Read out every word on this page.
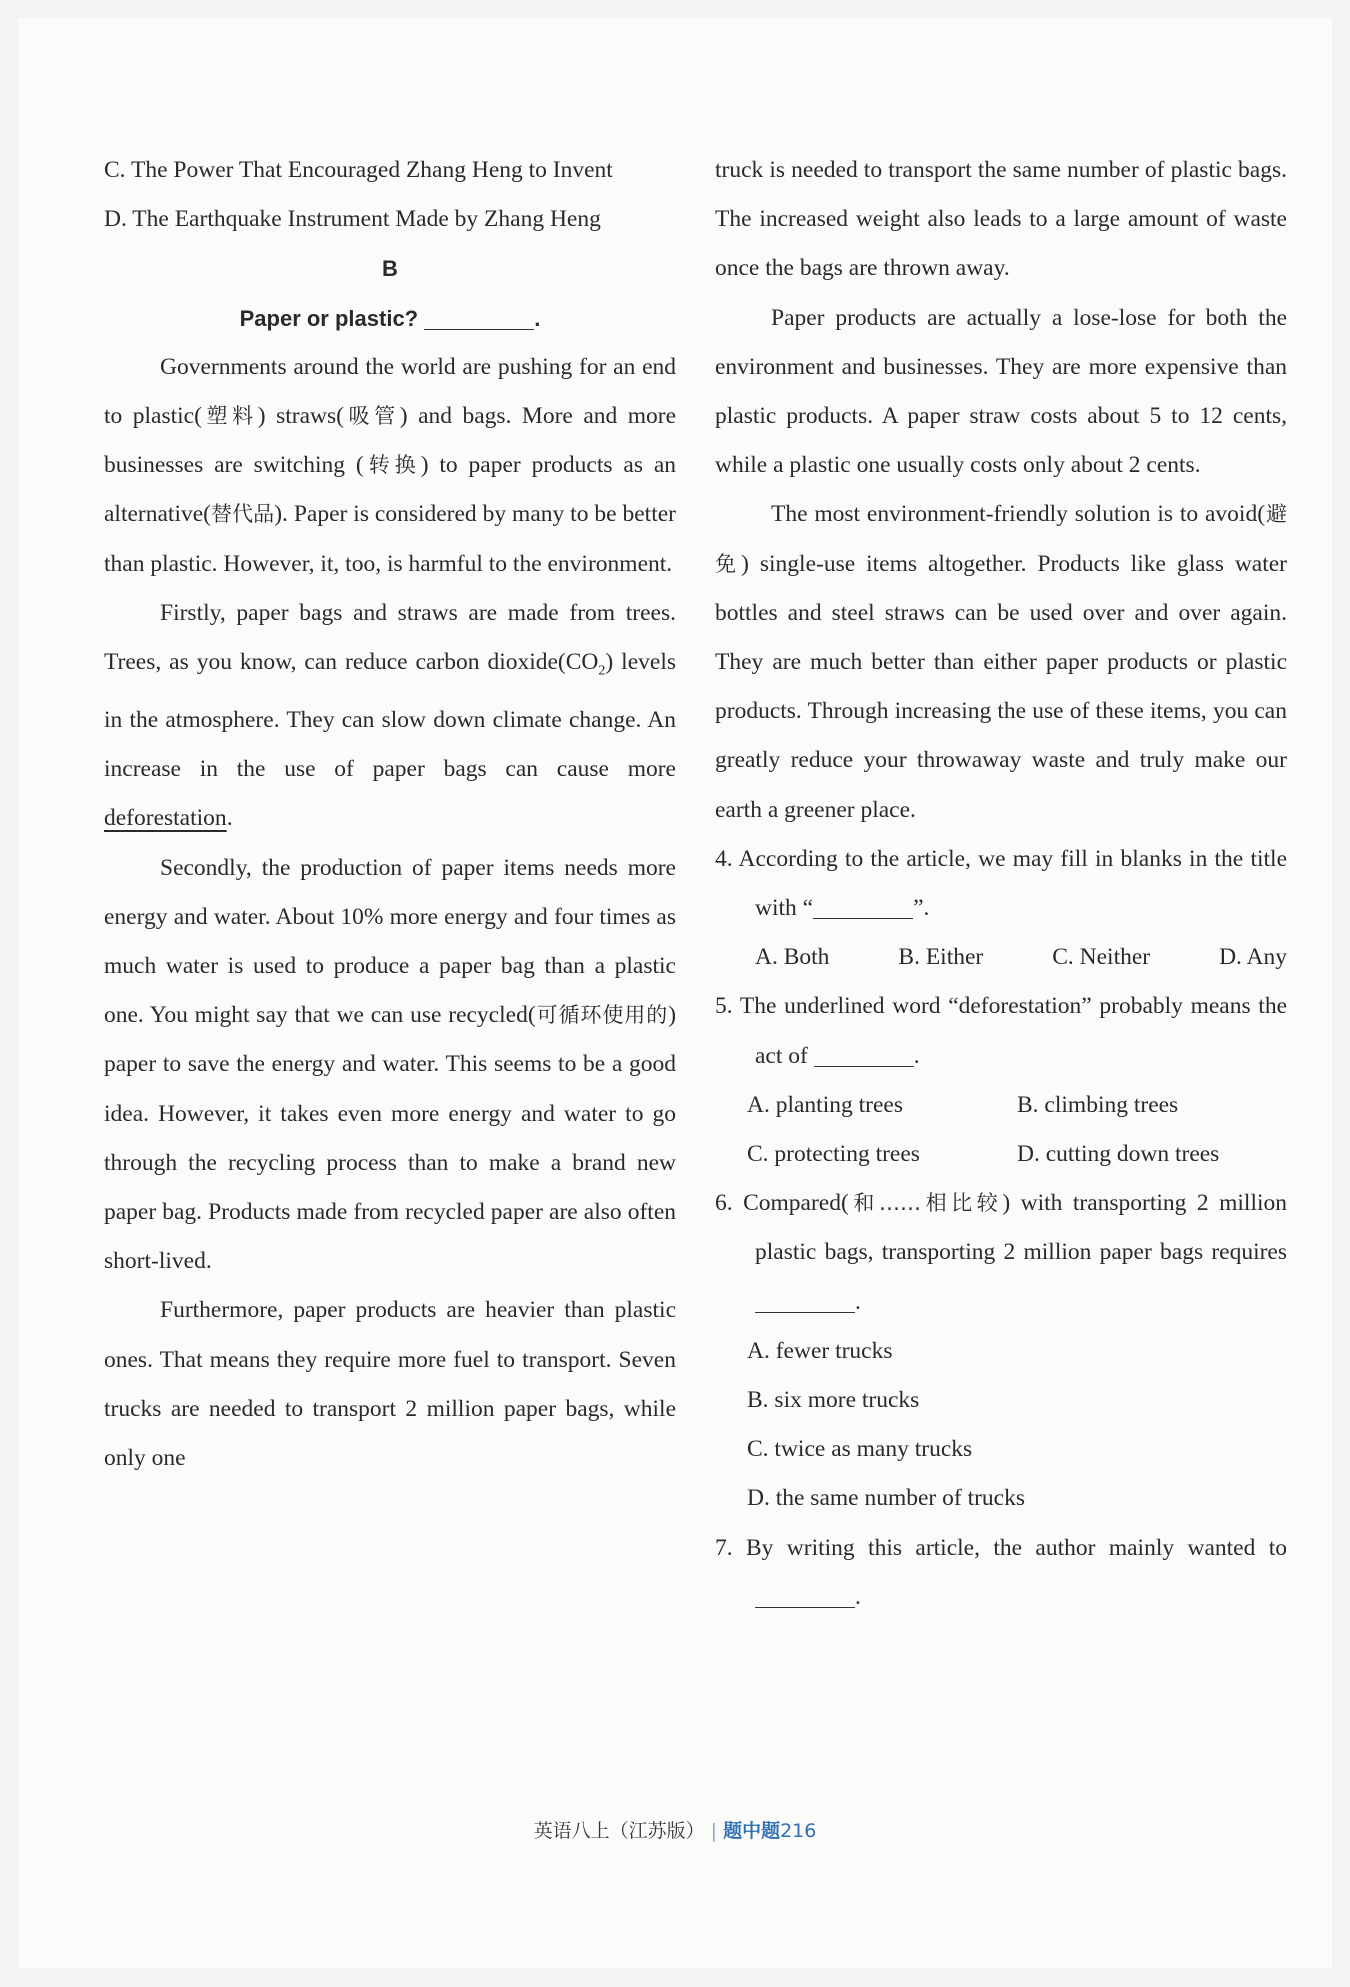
C. The Power That Encouraged Zhang Heng to Invent

D. The Earthquake Instrument Made by Zhang Heng

B

Paper or plastic?	.

Governments around the world are pushing for an end to plastic(塑料) straws(吸管) and bags. More and more businesses are switching (转换) to paper products as an alternative(替代品). Paper is considered by many to be better than plastic. However, it, too, is harmful to the environment.

Firstly, paper bags and straws are made from trees. Trees, as you know, can reduce carbon $dioxide(CO_2)$ levels in the atmosphere. They can slow down climate change. An increase in the use of paper bags can cause more deforestation.

Secondly, the production of paper items needs more energy and water. About 10% more energy and four times as much water is used to produce a paper bag than a plastic one. You might say that we can use recycled(可循环使用的) paper to save the energy and water. This seems to be a good idea. However, it takes even more energy and water to go through the recycling process than to make a brand new paper bag. Products made from recycled paper are also often short-lived.

Furthermore, paper products are heavier than plastic ones. That means they require more fuel to transport. Seven trucks are needed to transport 2 million paper bags, while only one

truck is needed to transport the same number of plastic bags. The increased weight also leads to a large amount of waste once the bags are thrown away.

Paper products are actually a lose-lose for both the environment and businesses. They are more expensive than plastic products. A paper straw costs about 5 to 12 cents, while a plastic one usually costs only about 2 cents.

The most environment-friendly solution is to avoid(避免) single-use items altogether. Products like glass water bottles and steel straws can be used over and over again. They are much better than either paper products or plastic products. Through increasing the use of these items, you can greatly reduce your throwaway waste and truly make our earth a greener place.

4. According to the article, we may fill in blanks in the title with “	”.

A. Both	B. Either	C. Neither	D. Any

5. The underlined word “deforestation” probably means the act of	.

A. planting trees	B. climbing trees
C. protecting trees	D. cutting down trees

6. Compared(和……相比较) with transporting 2 million plastic bags, transporting 2 million paper bags requires .

A. fewer trucks

B. six more trucks

C. twice as many trucks

D. the same number of trucks

7. By writing this article, the author mainly wanted to .

英语八上（江苏版） | 题中题216
